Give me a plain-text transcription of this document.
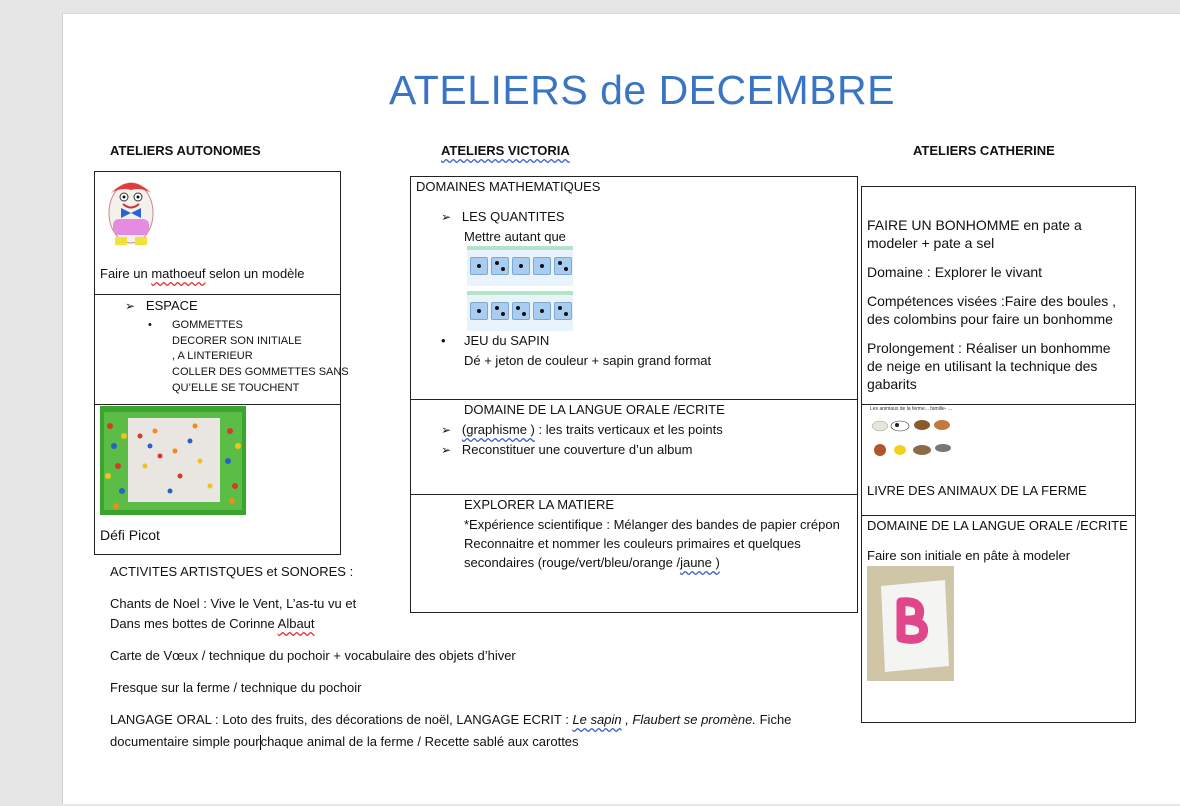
ATELIERS de DECEMBRE
ATELIERS AUTONOMES	ATELIERS VICTORIA	ATELIERS CATHERINE
Faire un mathoeuf selon un modèle
➢ ESPACE
• GOMMETTES
DECORER SON INITIALE
, A LINTERIEUR
COLLER DES GOMMETTES SANS
QU’ELLE SE TOUCHENT
Défi Picot
ACTIVITES ARTISTQUES et SONORES :
Chants de Noel : Vive le Vent, L’as-tu vu et
Dans mes bottes de Corinne Albaut
Carte de Vœux / technique du pochoir + vocabulaire des objets d’hiver
Fresque sur la ferme / technique du pochoir
LANGAGE ORAL : Loto des fruits, des décorations de noël, LANGAGE ECRIT : Le sapin , Flaubert se promène. Fiche
documentaire simple pourchaque animal de la ferme / Recette sablé aux carottes
DOMAINES MATHEMATIQUES
➢   LES QUANTITES
Mettre autant que
• JEU du SAPIN
Dé + jeton de couleur + sapin grand format
DOMAINE DE LA LANGUE ORALE /ECRITE
➢ (graphisme ) : les traits verticaux et les points
➢ Reconstituer une couverture d’un album
EXPLORER LA MATIERE
*Expérience scientifique : Mélanger des bandes de papier crépon
Reconnaitre et nommer les couleurs primaires et quelques
secondaires (rouge/vert/bleu/orange /jaune )
FAIRE UN BONHOMME en pate a
modeler + pate a sel
Domaine : Explorer le vivant
Compétences visées :Faire des boules ,
des colombins pour faire un bonhomme
Prolongement : Réaliser un bonhomme
de neige en utilisant la technique des
gabarits
Les animaux de la ferme... famille- ...
LIVRE DES ANIMAUX DE LA FERME
DOMAINE DE LA LANGUE ORALE /ECRITE
Faire son initiale en pâte à modeler
